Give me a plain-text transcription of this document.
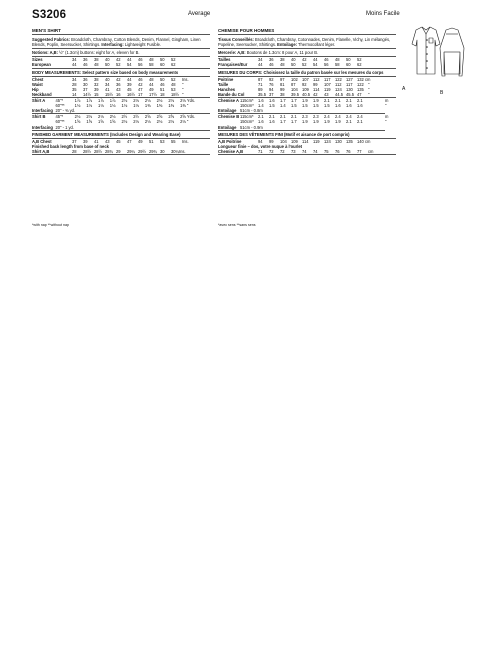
S3206	Average	Moins Facile
MEN'S SHIRT
Suggested Fabrics: Broadcloth, Chambray, Cotton Blends, Denim, Flannel, Gingham, Linen Blends, Poplin, Seersucker, Shirtings. Interfacing: Lightweight Fusible.
Notions: A,B: ½" (1.3cm) buttons: eight for A, eleven for B.
Sizes	34	36	38	40	42	44	46	48	50	52	
European	44	46	48	50	52	54	56	58	60	62	
BODY MEASUREMENTS: Select pattern size based on body measurements
Chest	34	36	38	40	42	44	46	48	50	52	Ins.
Waist	28	30	32	34	36	39	42	44	46	48	"
Hip	35	37	39	41	43	45	47	49	51	53	"
Neckband	14	14½	15	15½	16	16½	17	17½	18	18½	"
Shirt A	45"*	1⅞	1⅞	1⅞	1⅞	2⅛	2⅛	2⅛	2⅛	2⅛	2⅛ Yds.
	60"**	1⅛	1⅛	1⅛	1⅛	1⅛	1⅛	1⅜	1⅜	1⅜	1⅜ "
Interfacing	20" - ⅜ yd.										
Shirt B	45"*	2⅛	2⅛	2⅛	2⅛	2½	2½	2⅝	2⅝	2⅝	2⅝ Yds.
	60"**	1⅝	1⅝	1⅝	1⅝	2⅛	2⅛	2⅛	2⅛	2⅛	2⅛ "
Interfacing	20" - 1 yd.										
FINISHED GARMENT MEASUREMENTS (Includes Design and Wearing Ease)
A,B Chest	37	39	41	43	45	47	49	51	53	55	Ins.
Finished back length from base of neck											
Shirt A,B	28	28½	28½	28¾	29	29¼	29½	29¾	30	30¼Ins.	
CHEMISE POUR HOMMES
Tissus Conseillés: Broadcloth, Chambray, Cotonnades, Denim, Flanelle, Vichy, Lin mélangés, Popeline, Seersucker, Shirtings. Entoilage: Thermocollant léger.
Mercerie: A,B: Boutons de 1.3cm: 8 pour A, 11 pour B.
Tailles	34	36	38	40	42	44	46	48	50	52	
Françaises/Eur	44	46	48	50	52	54	56	58	60	62	
MESURES DU CORPS: Choisissez la taille du patron basée sur les mesures du corps
Poitrine	87	92	97	102	107	112	117	122	127	132 cm	
Taille	71	76	81	87	92	99	107	112	117	122	"
Hanches	89	94	99	104	109	114	119	124	130	135	"
Bande du Col	35.5	37	38	39.5	40.5	42	43	44.5	45.5	47	"
Chemise A	115cm*	1.6	1.6	1.7	1.7	1.9	1.9	2.1	2.1	2.1	2.1	m
	150cm*	1.4	1.5	1.4	1.5	1.5	1.5	1.5	1.6	1.6	1.6	"
Entoilage	51cm - 0.8m											
Chemise B	115cm*	2.1	2.1	2.1	2.1	2.3	2.3	2.4	2.4	2.4	2.4	m
	150cm*	1.6	1.6	1.7	1.7	1.9	1.9	1.9	1.9	2.1	2.1	"
Entoilage	51cm - 0.9m											
MESURES DES VÊTEMENTS FINI (Motif et aisance de port compris)
A,B Poitrine	94	99	104	109	114	119	124	130	135	140 cm	
Longueur finie – dos, votre nuque à l'ourlet											
Chemise A,B	71	72	72	73	74	74	75	76	76	77	cm
*with nap **without nap	*avec sens **sans sens
A
B
